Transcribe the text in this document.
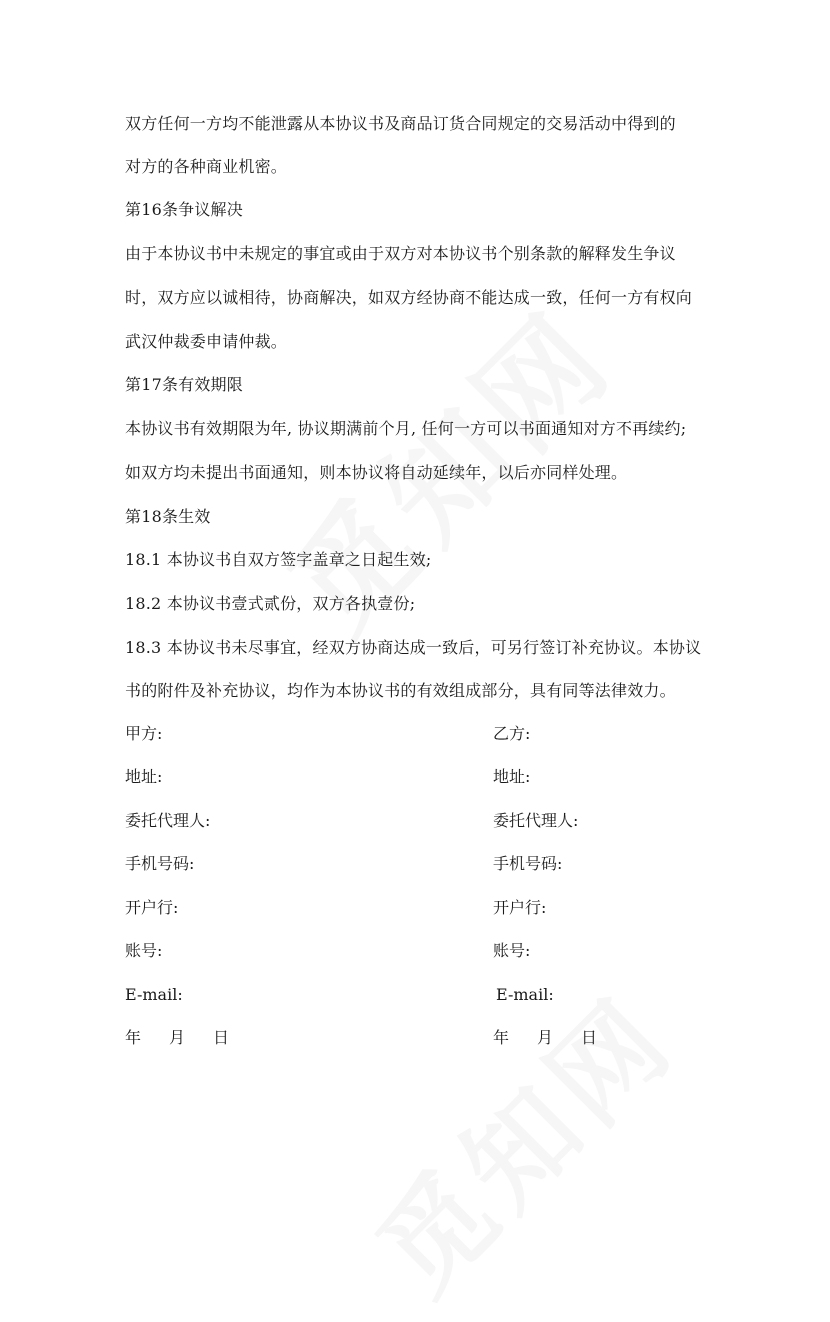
双方任何一方均不能泄露从本协议书及商品订货合同规定的交易活动中得到的
对方的各种商业机密。
第16条争议解决
由于本协议书中未规定的事宜或由于双方对本协议书个别条款的解释发生争议
时，双方应以诚相待，协商解决，如双方经协商不能达成一致，任何一方有权向
武汉仲裁委申请仲裁。
第17条有效期限
本协议书有效期限为年, 协议期满前个月, 任何一方可以书面通知对方不再续约;
如双方均未提出书面通知，则本协议将自动延续年，以后亦同样处理。
第18条生效
18.1 本协议书自双方签字盖章之日起生效;
18.2 本协议书壹式贰份，双方各执壹份;
18.3 本协议书未尽事宜，经双方协商达成一致后，可另行签订补充协议。本协议
书的附件及补充协议，均作为本协议书的有效组成部分，具有同等法律效力。
甲方:
地址:
委托代理人:
手机号码:
开户行:
账号:
E-mail:
年 月 日
乙方:
地址:
委托代理人:
手机号码:
开户行:
账号:
E-mail:
年 月 日
